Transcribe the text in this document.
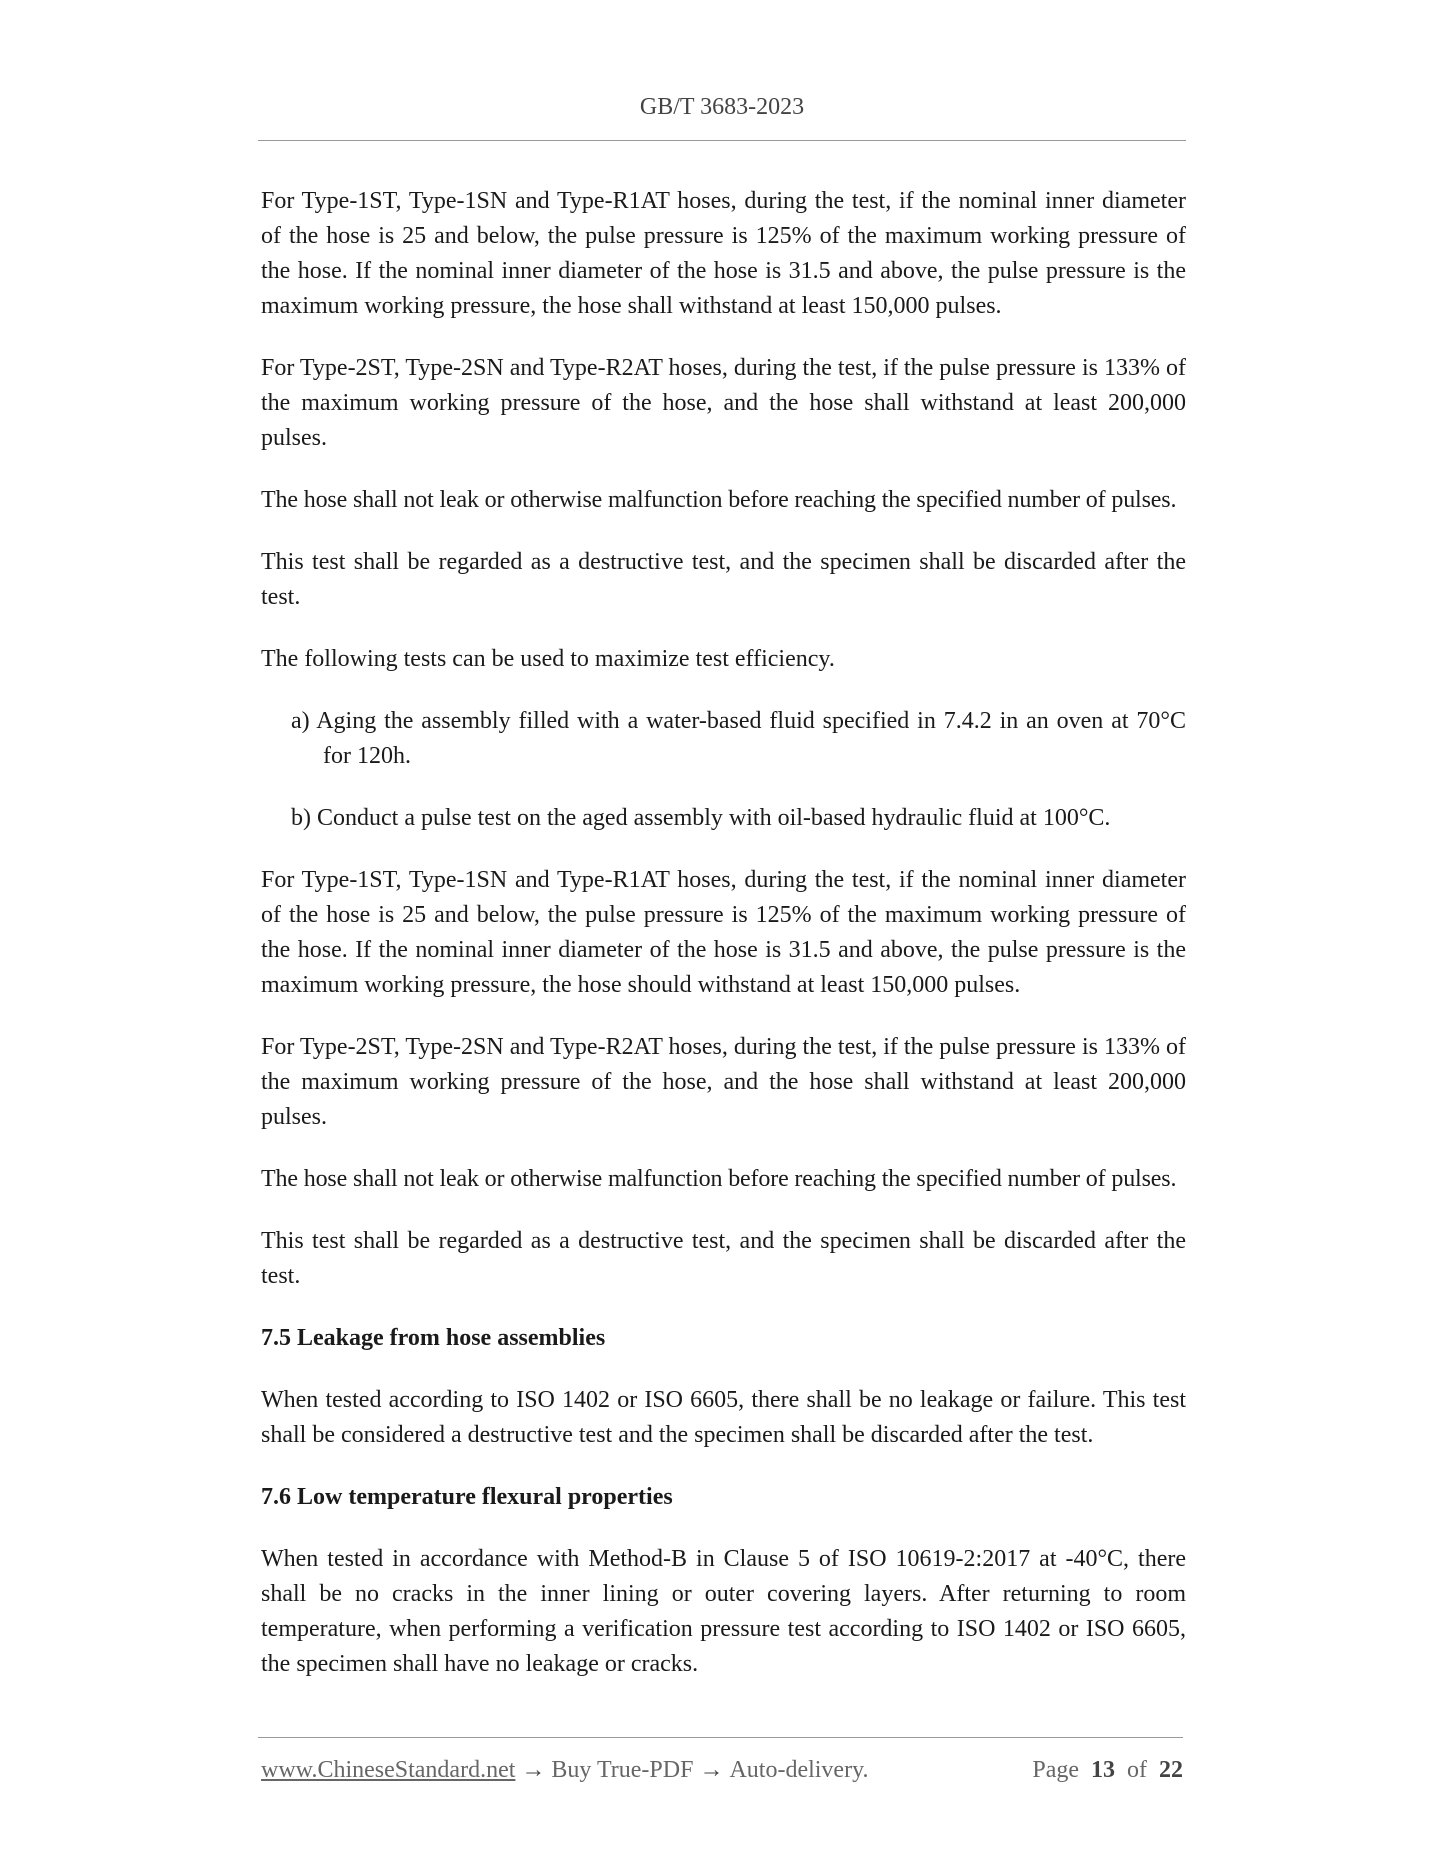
GB/T 3683-2023

For Type-1ST, Type-1SN and Type-R1AT hoses, during the test, if the nominal inner diameter of the hose is 25 and below, the pulse pressure is 125% of the maximum working pressure of the hose. If the nominal inner diameter of the hose is 31.5 and above, the pulse pressure is the maximum working pressure, the hose shall withstand at least 150,000 pulses.

For Type-2ST, Type-2SN and Type-R2AT hoses, during the test, if the pulse pressure is 133% of the maximum working pressure of the hose, and the hose shall withstand at least 200,000 pulses.

The hose shall not leak or otherwise malfunction before reaching the specified number of pulses.

This test shall be regarded as a destructive test, and the specimen shall be discarded after the test.

The following tests can be used to maximize test efficiency.

a) Aging the assembly filled with a water-based fluid specified in 7.4.2 in an oven at 70°C for 120h.
b) Conduct a pulse test on the aged assembly with oil-based hydraulic fluid at 100°C.

For Type-1ST, Type-1SN and Type-R1AT hoses, during the test, if the nominal inner diameter of the hose is 25 and below, the pulse pressure is 125% of the maximum working pressure of the hose. If the nominal inner diameter of the hose is 31.5 and above, the pulse pressure is the maximum working pressure, the hose should withstand at least 150,000 pulses.

For Type-2ST, Type-2SN and Type-R2AT hoses, during the test, if the pulse pressure is 133% of the maximum working pressure of the hose, and the hose shall withstand at least 200,000 pulses.

The hose shall not leak or otherwise malfunction before reaching the specified number of pulses.

This test shall be regarded as a destructive test, and the specimen shall be discarded after the test.

7.5 Leakage from hose assemblies

When tested according to ISO 1402 or ISO 6605, there shall be no leakage or failure. This test shall be considered a destructive test and the specimen shall be discarded after the test.

7.6 Low temperature flexural properties

When tested in accordance with Method-B in Clause 5 of ISO 10619-2:2017 at -40°C, there shall be no cracks in the inner lining or outer covering layers. After returning to room temperature, when performing a verification pressure test according to ISO 1402 or ISO 6605, the specimen shall have no leakage or cracks.

www.ChineseStandard.net → Buy True-PDF → Auto-delivery.	Page 13 of 22
